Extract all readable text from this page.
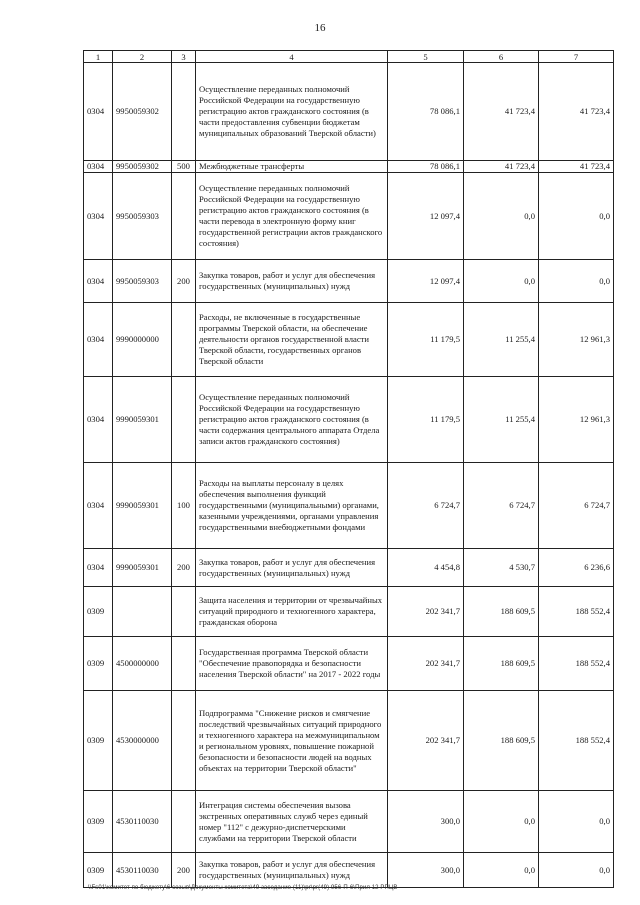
16
1	2	3	4	5	6	7
0304	9950059302		Осуществление переданных полномочий Российской Федерации на государственную регистрацию актов гражданского состояния (в части предоставления субвенции бюджетам муниципальных образований Тверской области)	78 086,1	41 723,4	41 723,4
0304	9950059302	500	Межбюджетные трансферты	78 086,1	41 723,4	41 723,4
0304	9950059303		Осуществление переданных полномочий Российской Федерации на государственную регистрацию актов гражданского состояния (в части перевода в электронную форму книг государственной регистрации актов гражданского состояния)	12 097,4	0,0	0,0
0304	9950059303	200	Закупка товаров, работ и услуг для обеспечения государственных (муниципальных) нужд	12 097,4	0,0	0,0
0304	9990000000		Расходы, не включенные в государственные программы Тверской области, на обеспечение деятельности органов государственной власти Тверской области, государственных органов Тверской области	11 179,5	11 255,4	12 961,3
0304	9990059301		Осуществление переданных полномочий Российской Федерации на государственную регистрацию актов гражданского состояния (в части содержания центрального аппарата Отдела записи актов гражданского состояния)	11 179,5	11 255,4	12 961,3
0304	9990059301	100	Расходы на выплаты персоналу в целях обеспечения выполнения функций государственными (муниципальными) органами, казенными учреждениями, органами управления государственными внебюджетными фондами	6 724,7	6 724,7	6 724,7
0304	9990059301	200	Закупка товаров, работ и услуг для обеспечения государственных (муниципальных) нужд	4 454,8	4 530,7	6 236,6
0309			Защита населения и территории от чрезвычайных ситуаций природного и техногенного характера, гражданская оборона	202 341,7	188 609,5	188 552,4
0309	4500000000		Государственная программа Тверской области "Обеспечение правопорядка и безопасности населения Тверской области" на 2017 - 2022 годы	202 341,7	188 609,5	188 552,4
0309	4530000000		Подпрограмма "Снижение рисков и смягчение последствий чрезвычайных ситуаций природного и техногенного характера на межмуниципальном и региональном уровнях, повышение пожарной безопасности и безопасности людей на водных объектах на территории Тверской области"	202 341,7	188 609,5	188 552,4
0309	4530110030		Интеграция системы обеспечения вызова экстренных оперативных служб через единый номер "112" с дежурно-диспетчерскими службами на территории Тверской области	300,0	0,0	0,0
0309	4530110030	200	Закупка товаров, работ и услуг для обеспечения государственных (муниципальных) нужд	300,0	0,0	0,0
\\Fs01\комитет по бюджету\6 созыв\Документы комитета\49 заседание (11)\pr\pr(49) 956-П-6\Прил 12 РПЦВ
